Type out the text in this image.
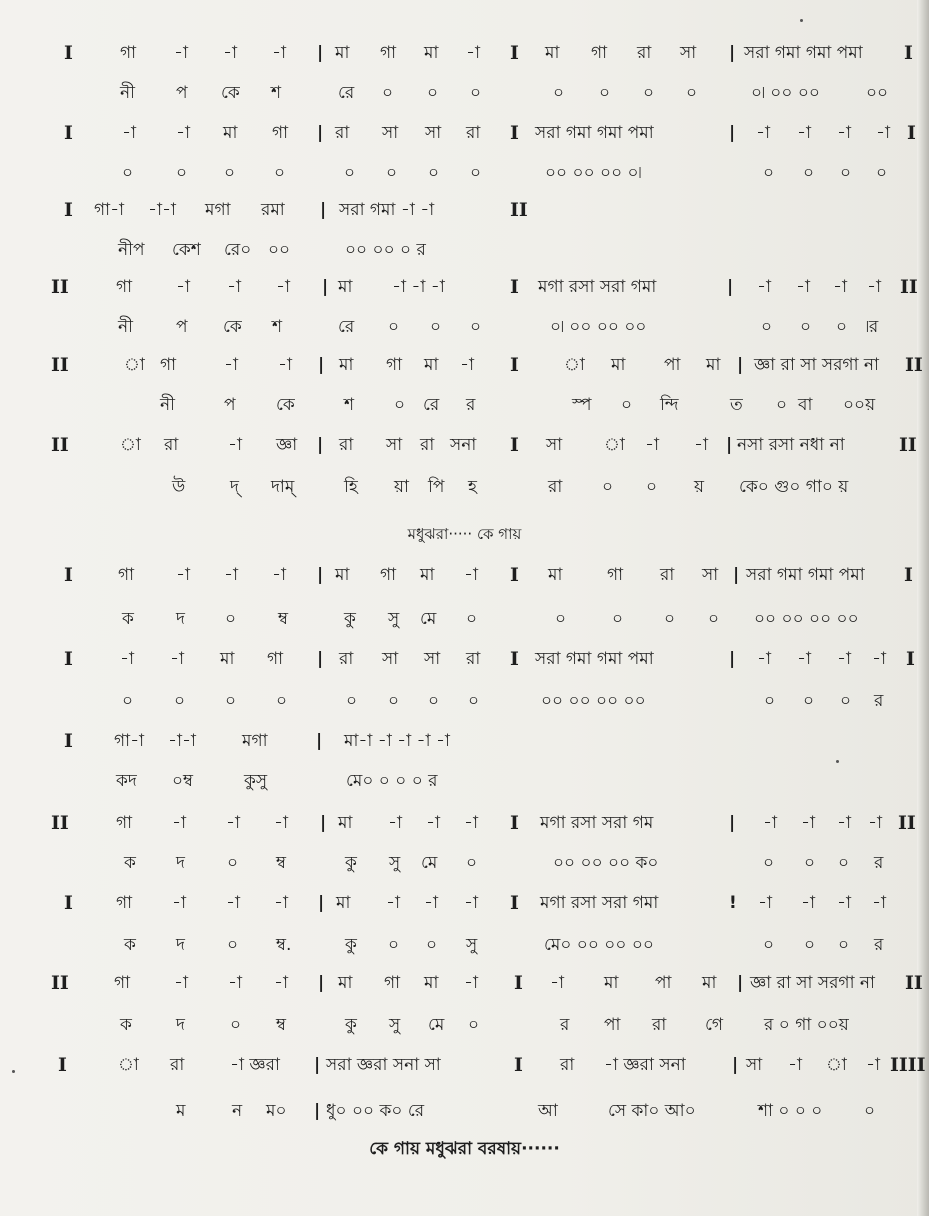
I	গা -া -া -া | মা গা মা -া I মা গা রা সা | সরা গমা গমা পমা I
নী প কে শ	রে ০ ০ ০	০ ০ ০ ০	০৷ ০০ ০০	০০
I	-া -া মা গা | রা সা সা রা I সরা গমা গমা পমা	| -া -া -া -া I
০	০ ০ ০	০ ০ ০ ০	০০ ০০ ০০ ০৷	০ ০ ০ ০
I গা-া -া-া মগা রমা | সরা গমা -া -া	II
নীপ কেশ রে০ ০০	০০ ০০ ০ র
II	গা	-া -া -া | মা -া -া -া	I মগা রসা সরা গমা	| -া -া -া -া II
নী	প কে শ	রে ০ ০ ০	০৷ ০০ ০০ ০০	০ ০ ০ ৷র
II	া গা	-া -া | মা গা মা -া I	া মা পা মা | জ্ঞা রা সা সরগা না II
নী	প কে	শ ০ রে র	স্প ০ ন্দি	ত ০ বা ০০য়
II	া রা	-া জ্ঞা | রা সা রা সনা I সা া -া -া | নসা রসা নধা না	II
উ	দ্‌ দাম্‌	হি য়া পি হ	রা ০ ০ য় কে০ গু০ গা০ য়
মধুঝরা····· কে গায়
I	গা -া -া -া | মা গা মা -া I মা	গা রা সা | সরা গমা গমা পমা I
ক দ ০ ম্ব	কু সু মে ০	০	০ ০ ০ ০০ ০০ ০০ ০০
I	-া -া মা গা | রা সা সা রা I সরা গমা গমা পমা	| -া -া -া -া I
০ ০ ০ ০	০ ০ ০ ০	০০ ০০ ০০ ০০	০ ০ ০ র
I গা-া -া-া	মগা	| মা-া -া -া -া -া
কদ ০ম্ব	কুসু	মে০ ০ ০ ০ র
II	গা -া -া -া | মা -া -া -া I মগা রসা সরা গম	| -া -া -া -া II
ক দ ০ ম্ব	কু সু মে ০	০০ ০০ ০০ ক০	০ ০ ০ র
I	গা -া -া -া | মা -া -া -া I মগা রসা সরা গমা	! -া -া -া -া
ক দ ০ ম্ব.	কু ০ ০ সু	মে০ ০০ ০০ ০০	০ ০ ০ র
II	গা	-া -া -া | মা গা মা -া I -া মা পা মা | জ্ঞা রা সা সরগা না II
ক	দ	০ ম্ব	কু সু মে ০	র পা রা গে র ০ গা ০০য়
I	া রা	-া জ্ঞরা | সরা জ্ঞরা সনা সা	I রা -া জ্ঞরা সনা	| সা -া া -া IIII
ম	ন ম০ | ধু০ ০০ ক০ রে	আ	সে কা০ আ০	শা ০ ০ ০ ০
কে গায় মধুঝরা বরষায়······
